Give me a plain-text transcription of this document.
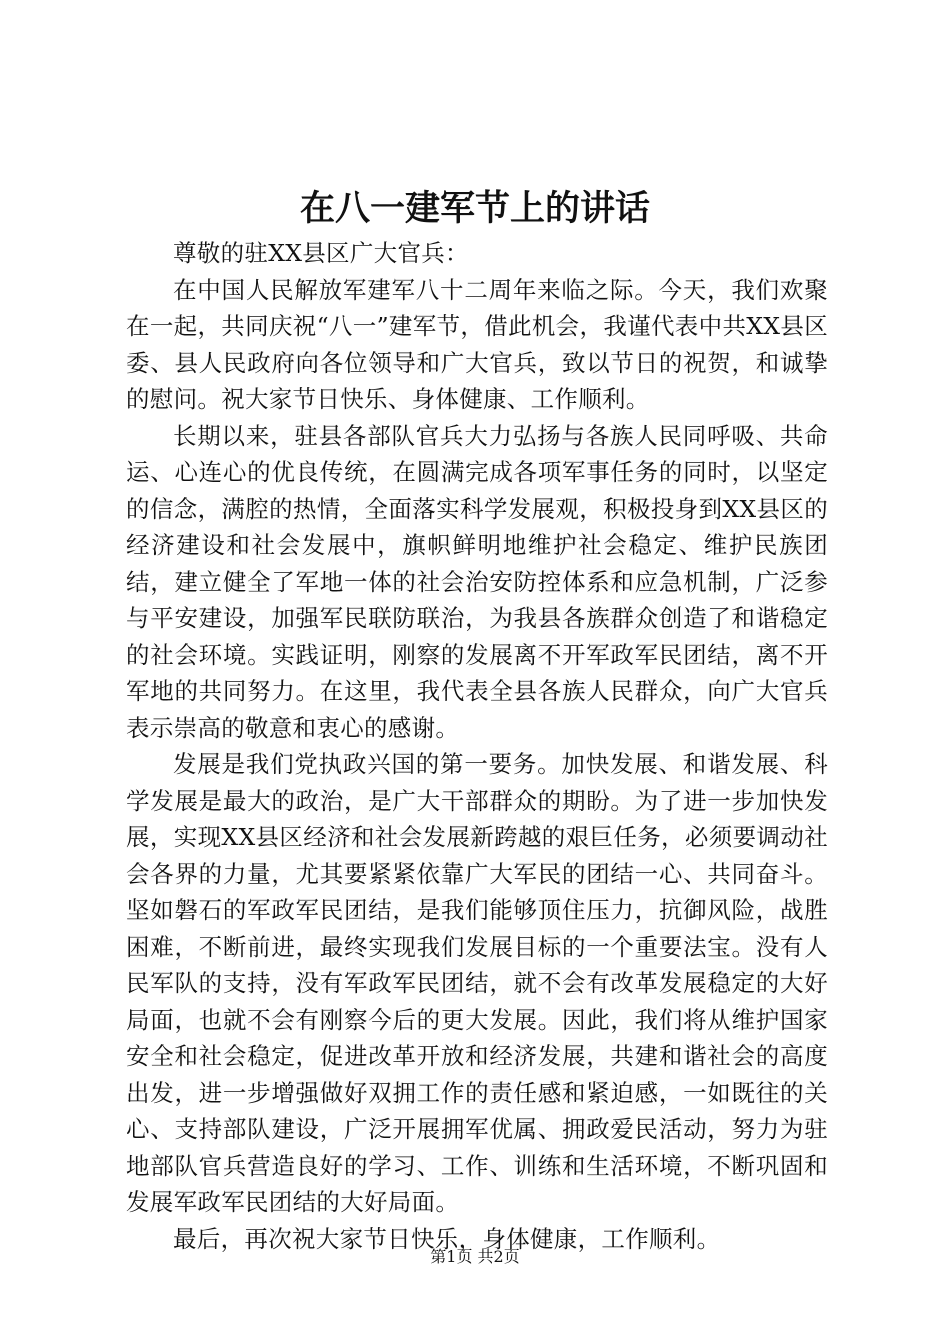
在八一建军节上的讲话

尊敬的驻XX县区广大官兵：

在中国人民解放军建军八十二周年来临之际。今天，我们欢聚在一起，共同庆祝“八一”建军节，借此机会，我谨代表中共XX县区委、县人民政府向各位领导和广大官兵，致以节日的祝贺，和诚挚的慰问。祝大家节日快乐、身体健康、工作顺利。

长期以来，驻县各部队官兵大力弘扬与各族人民同呼吸、共命运、心连心的优良传统，在圆满完成各项军事任务的同时，以坚定的信念，满腔的热情，全面落实科学发展观，积极投身到XX县区的经济建设和社会发展中，旗帜鲜明地维护社会稳定、维护民族团结，建立健全了军地一体的社会治安防控体系和应急机制，广泛参与平安建设，加强军民联防联治，为我县各族群众创造了和谐稳定的社会环境。实践证明，刚察的发展离不开军政军民团结，离不开军地的共同努力。在这里，我代表全县各族人民群众，向广大官兵表示崇高的敬意和衷心的感谢。

发展是我们党执政兴国的第一要务。加快发展、和谐发展、科学发展是最大的政治，是广大干部群众的期盼。为了进一步加快发展，实现XX县区经济和社会发展新跨越的艰巨任务，必须要调动社会各界的力量，尤其要紧紧依靠广大军民的团结一心、共同奋斗。坚如磐石的军政军民团结，是我们能够顶住压力，抗御风险，战胜困难，不断前进，最终实现我们发展目标的一个重要法宝。没有人民军队的支持，没有军政军民团结，就不会有改革发展稳定的大好局面，也就不会有刚察今后的更大发展。因此，我们将从维护国家安全和社会稳定，促进改革开放和经济发展，共建和谐社会的高度出发，进一步增强做好双拥工作的责任感和紧迫感，一如既往的关心、支持部队建设，广泛开展拥军优属、拥政爱民活动，努力为驻地部队官兵营造良好的学习、工作、训练和生活环境，不断巩固和发展军政军民团结的大好局面。

最后，再次祝大家节日快乐，身体健康，工作顺利。

第1页 共2页
